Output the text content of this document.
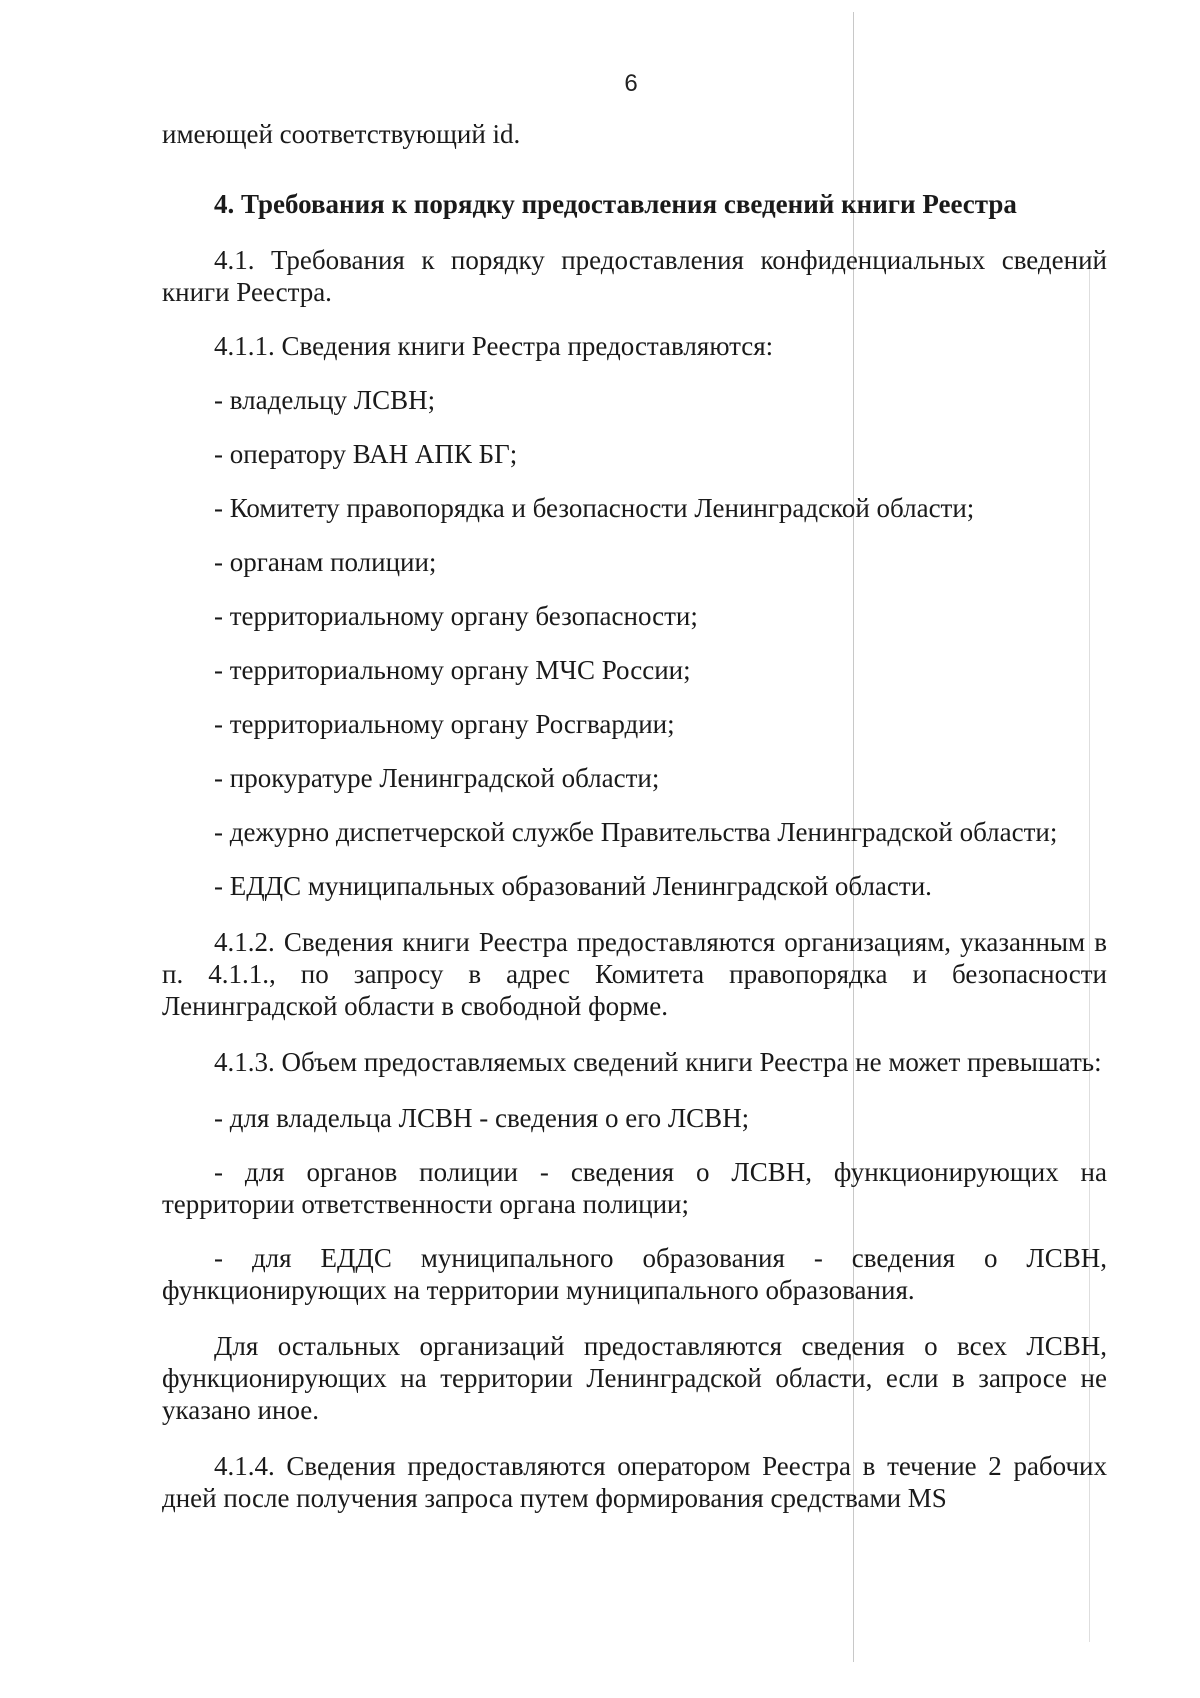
6

имеющей соответствующий id.

4. Требования к порядку предоставления сведений книги Реестра

4.1. Требования к порядку предоставления конфиденциальных сведений книги Реестра.

4.1.1. Сведения книги Реестра предоставляются:

- владельцу ЛСВН;

- оператору ВАН АПК БГ;

- Комитету правопорядка и безопасности Ленинградской области;

- органам полиции;

- территориальному органу безопасности;

- территориальному органу МЧС России;

- территориальному органу Росгвардии;

- прокуратуре Ленинградской области;

- дежурно диспетчерской службе Правительства Ленинградской области;

- ЕДДС муниципальных образований Ленинградской области.

4.1.2. Сведения книги Реестра предоставляются организациям, указанным в п. 4.1.1., по запросу в адрес Комитета правопорядка и безопасности Ленинградской области в свободной форме.

4.1.3. Объем предоставляемых сведений книги Реестра не может превышать:

- для владельца ЛСВН - сведения о его ЛСВН;

- для органов полиции - сведения о ЛСВН, функционирующих на территории ответственности органа полиции;

- для ЕДДС муниципального образования - сведения о ЛСВН, функционирующих на территории муниципального образования.

Для остальных организаций предоставляются сведения о всех ЛСВН, функционирующих на территории Ленинградской области, если в запросе не указано иное.

4.1.4. Сведения предоставляются оператором Реестра в течение 2 рабочих дней после получения запроса путем формирования средствами MS
